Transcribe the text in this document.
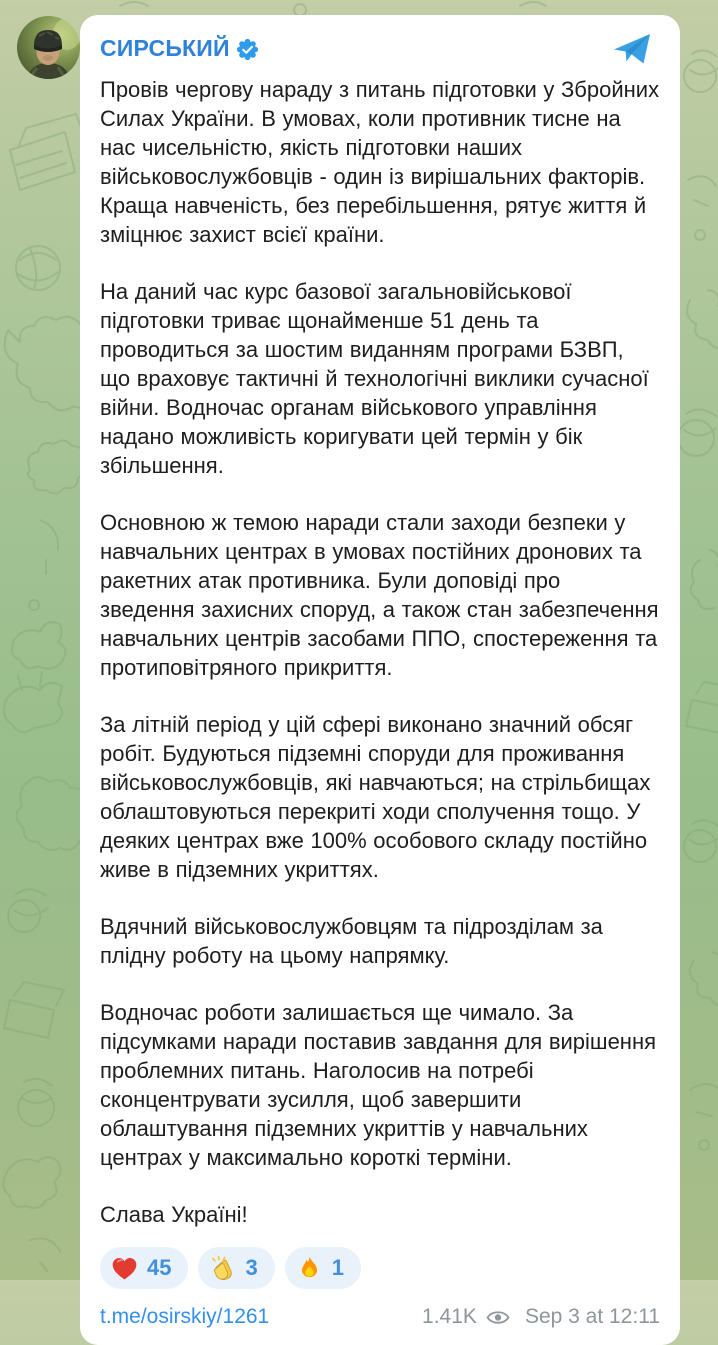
СИРСЬКИЙ

Провів чергову нараду з питань підготовки у Збройних Силах України. В умовах, коли противник тисне на нас чисельністю, якість підготовки наших військовослужбовців - один із вирішальних факторів. Краща навченість, без перебільшення, рятує життя й зміцнює захист всієї країни.

На даний час курс базової загальновійськової підготовки триває щонайменше 51 день та проводиться за шостим виданням програми БЗВП, що враховує тактичні й технологічні виклики сучасної війни. Водночас органам військового управління надано можливість коригувати цей термін у бік збільшення.

Основною ж темою наради стали заходи безпеки у навчальних центрах в умовах постійних дронових та ракетних атак противника. Були доповіді про зведення захисних споруд, а також стан забезпечення навчальних центрів засобами ППО, спостереження та протиповітряного прикриття.

За літній період у цій сфері виконано значний обсяг робіт. Будуються підземні споруди для проживання військовослужбовців, які навчаються; на стрільбищах облаштовуються перекриті ходи сполучення тощо. У деяких центрах вже 100% особового складу постійно живе в підземних укриттях.

Вдячний військовослужбовцям та підрозділам за плідну роботу на цьому напрямку.

Водночас роботи залишається ще чимало. За підсумками наради поставив завдання для вирішення проблемних питань. Наголосив на потребі сконцентрувати зусилля, щоб завершити облаштування підземних укриттів у навчальних центрах у максимально короткі терміни.

Слава Україні!

45	3	1
t.me/osirskiy/1261	1.41K Sep 3 at 12:11
